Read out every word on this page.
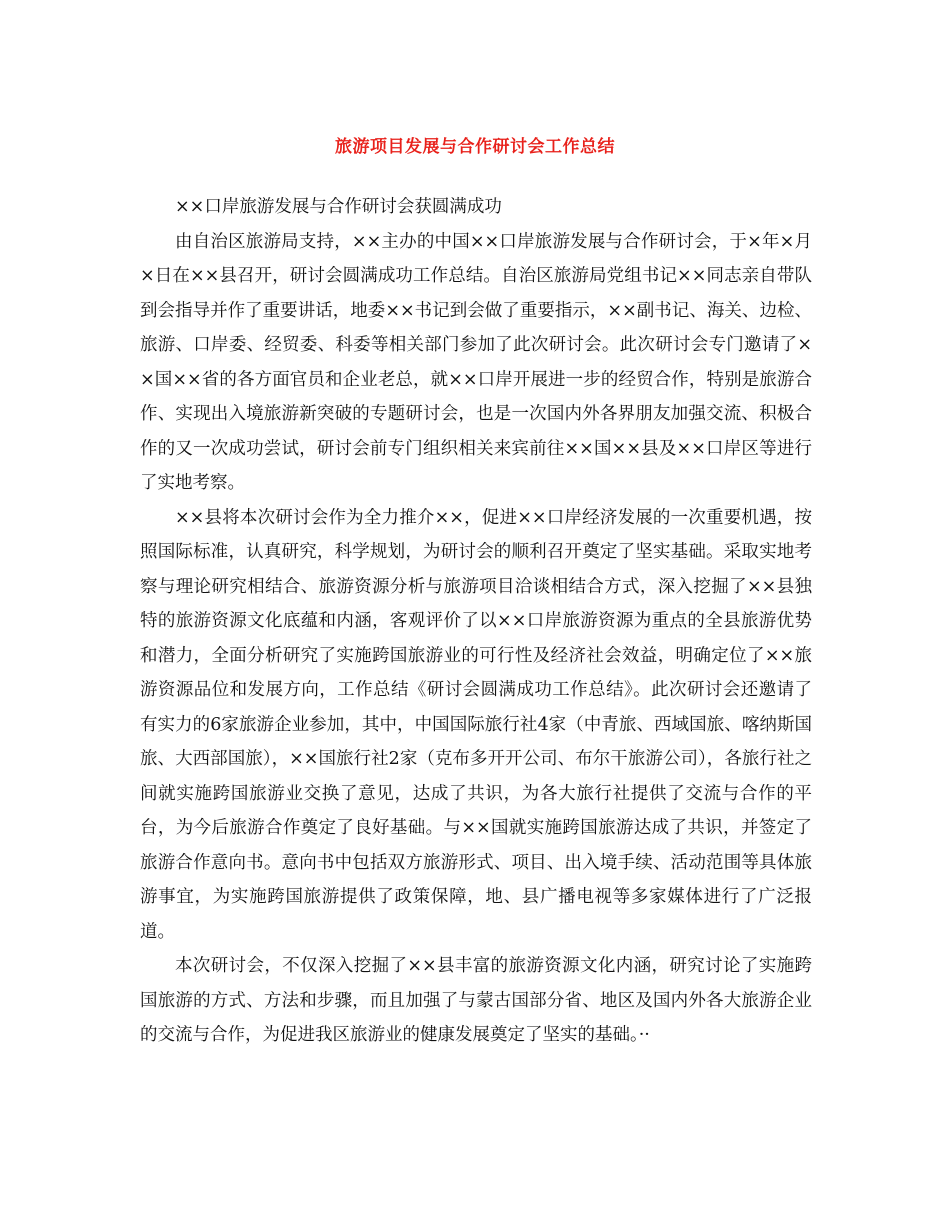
旅游项目发展与合作研讨会工作总结

××口岸旅游发展与合作研讨会获圆满成功

由自治区旅游局支持，××主办的中国××口岸旅游发展与合作研讨会，于×年×月×日在××县召开，研讨会圆满成功工作总结。自治区旅游局党组书记××同志亲自带队到会指导并作了重要讲话，地委××书记到会做了重要指示，××副书记、海关、边检、旅游、口岸委、经贸委、科委等相关部门参加了此次研讨会。此次研讨会专门邀请了××国××省的各方面官员和企业老总，就××口岸开展进一步的经贸合作，特别是旅游合作、实现出入境旅游新突破的专题研讨会，也是一次国内外各界朋友加强交流、积极合作的又一次成功尝试，研讨会前专门组织相关来宾前往××国××县及××口岸区等进行了实地考察。

××县将本次研讨会作为全力推介××，促进××口岸经济发展的一次重要机遇，按照国际标准，认真研究，科学规划，为研讨会的顺利召开奠定了坚实基础。采取实地考察与理论研究相结合、旅游资源分析与旅游项目洽谈相结合方式，深入挖掘了××县独特的旅游资源文化底蕴和内涵，客观评价了以××口岸旅游资源为重点的全县旅游优势和潜力，全面分析研究了实施跨国旅游业的可行性及经济社会效益，明确定位了××旅游资源品位和发展方向，工作总结《研讨会圆满成功工作总结》。此次研讨会还邀请了有实力的6家旅游企业参加，其中，中国国际旅行社4家（中青旅、西域国旅、喀纳斯国旅、大西部国旅），××国旅行社2家（克布多开开公司、布尔干旅游公司），各旅行社之间就实施跨国旅游业交换了意见，达成了共识，为各大旅行社提供了交流与合作的平台，为今后旅游合作奠定了良好基础。与××国就实施跨国旅游达成了共识，并签定了旅游合作意向书。意向书中包括双方旅游形式、项目、出入境手续、活动范围等具体旅游事宜，为实施跨国旅游提供了政策保障，地、县广播电视等多家媒体进行了广泛报道。

本次研讨会，不仅深入挖掘了××县丰富的旅游资源文化内涵，研究讨论了实施跨国旅游的方式、方法和步骤，而且加强了与蒙古国部分省、地区及国内外各大旅游企业的交流与合作，为促进我区旅游业的健康发展奠定了坚实的基础。··
